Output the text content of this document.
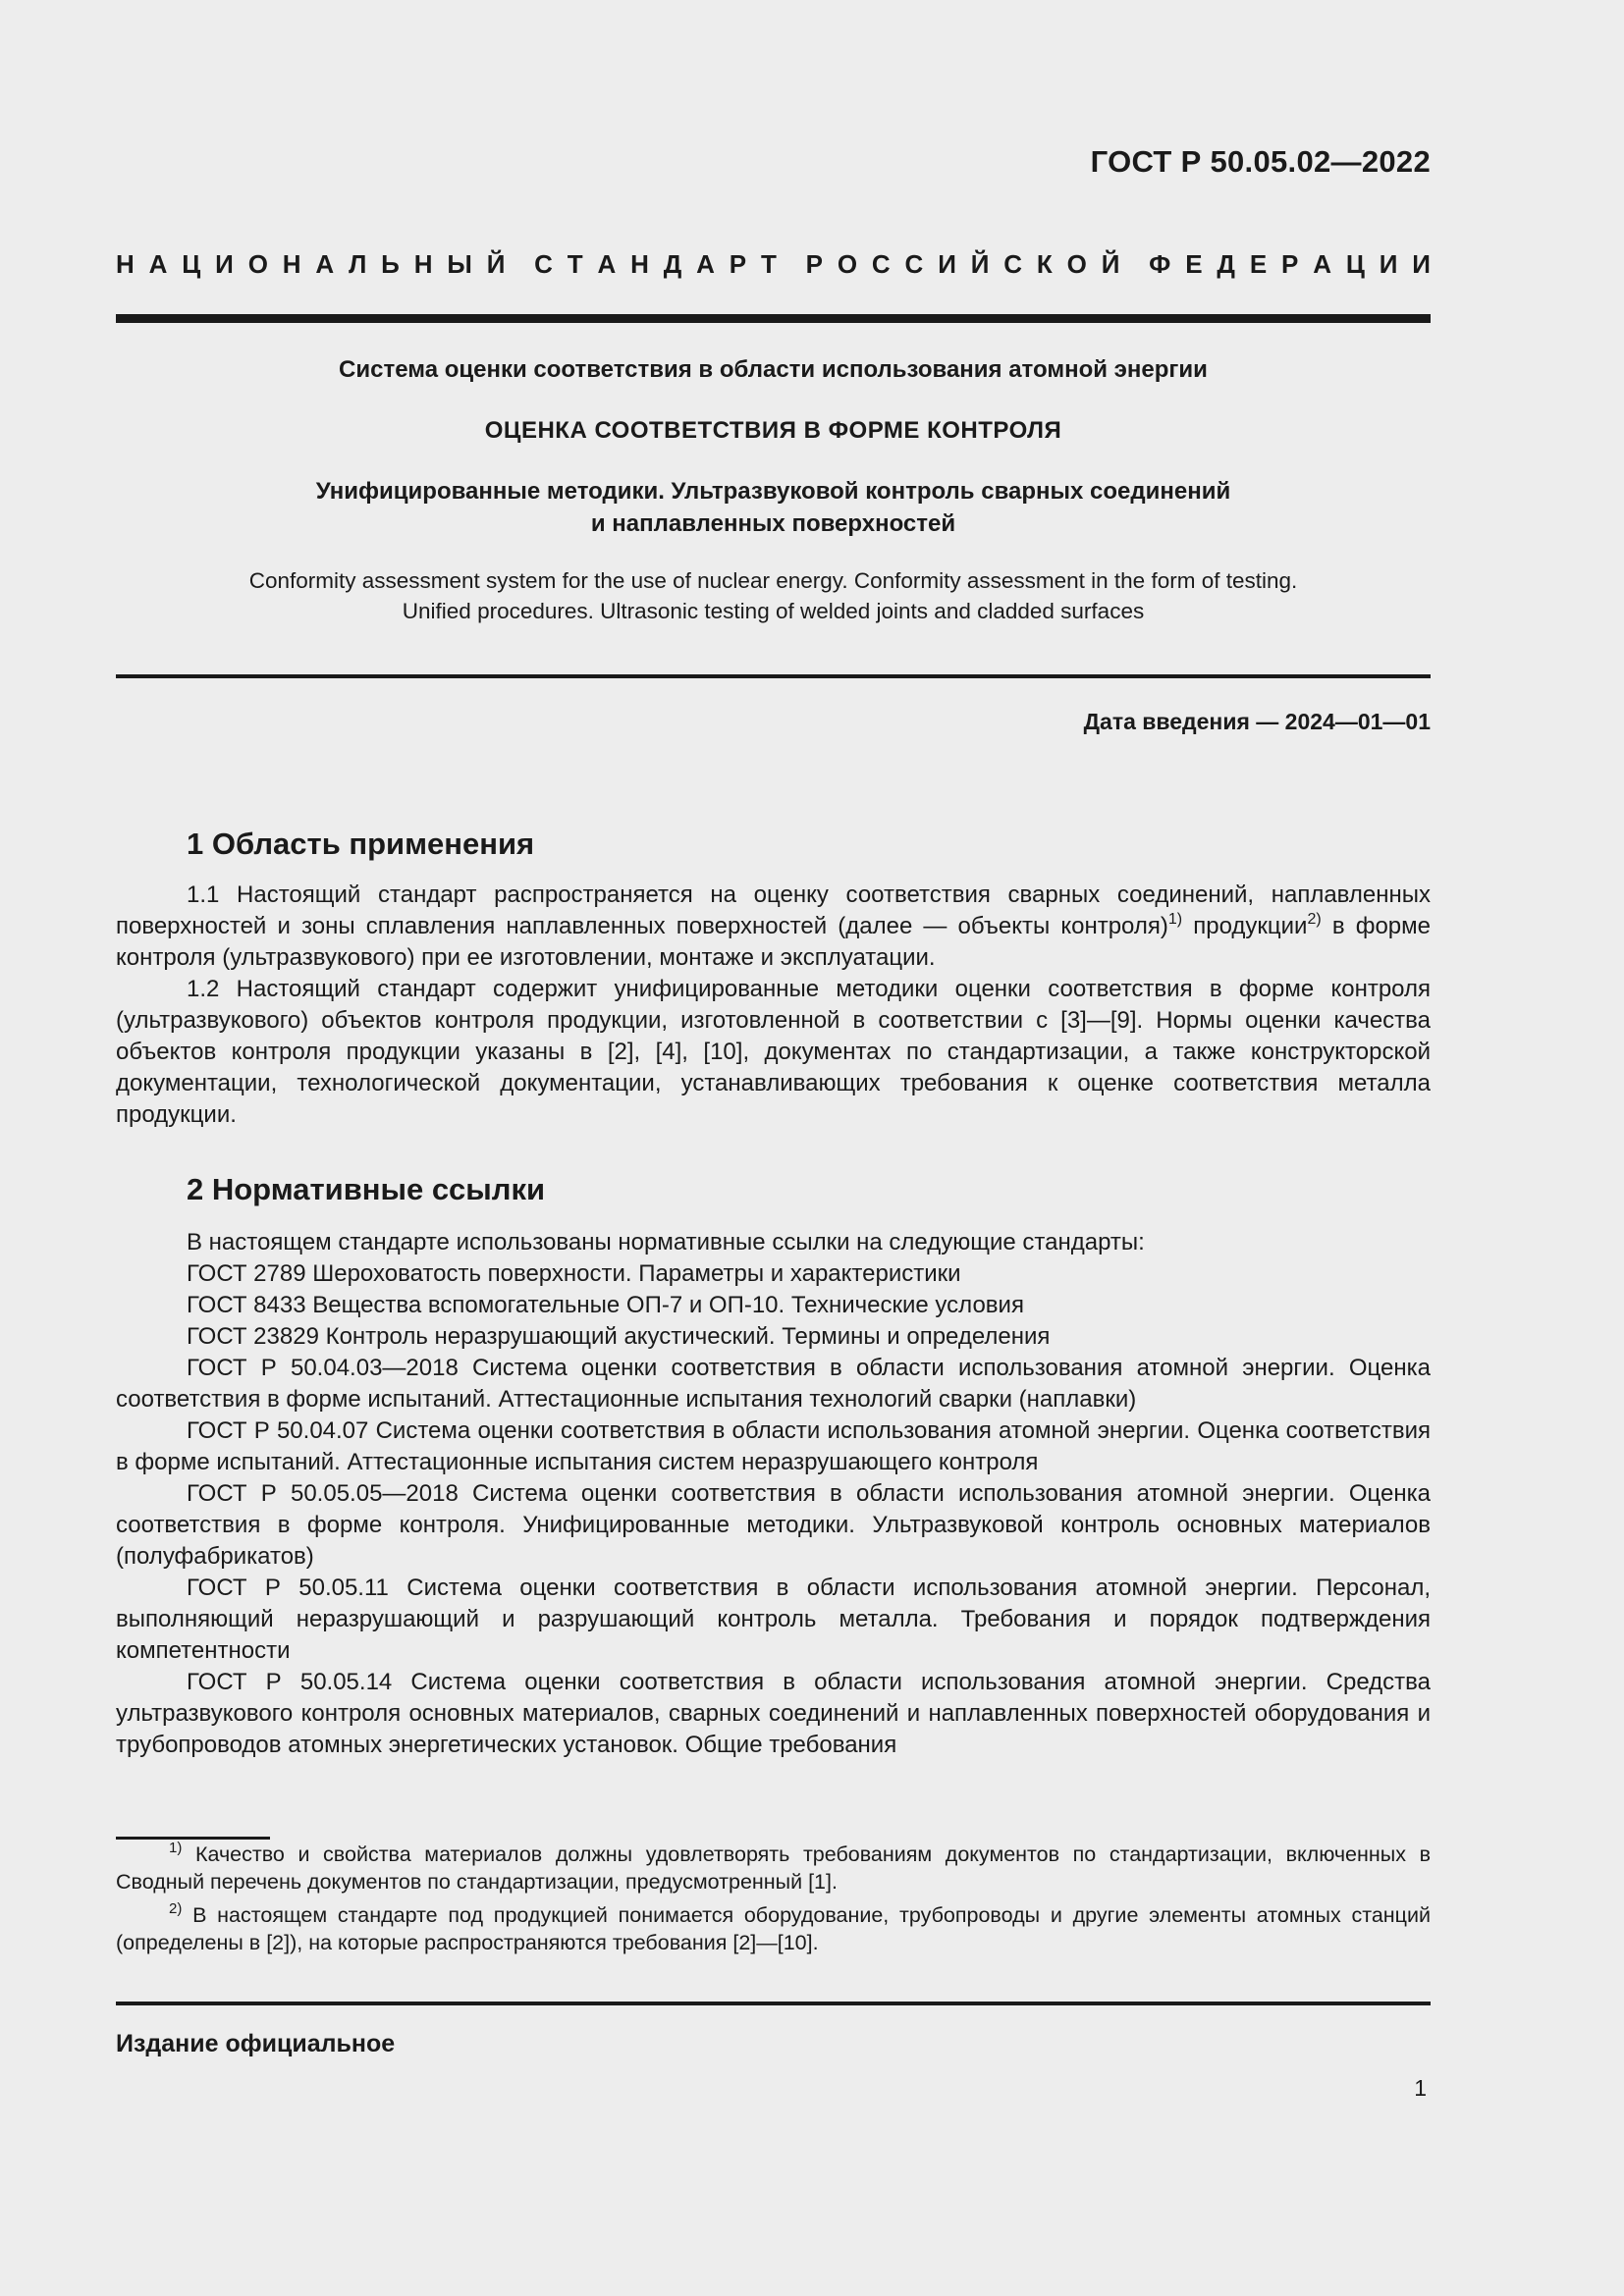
ГОСТ Р 50.05.02—2022
Н А Ц И О Н А Л Ь Н Ы Й С Т А Н Д А Р Т Р О С С И Й С К О Й Ф Е Д Е Р А Ц И И

Система оценки соответствия в области использования атомной энергии

ОЦЕНКА СООТВЕТСТВИЯ В ФОРМЕ КОНТРОЛЯ

Унифицированные методики. Ультразвуковой контроль сварных соединений
и наплавленных поверхностей

Conformity assessment system for the use of nuclear energy. Conformity assessment in the form of testing.
Unified procedures. Ultrasonic testing of welded joints and cladded surfaces

Дата введения — 2024—01—01
1 Область применения

1.1 Настоящий стандарт распространяется на оценку соответствия сварных соединений, наплавленных поверхностей и зоны сплавления наплавленных поверхностей (далее — объекты контроля)$^{1)}$ продукции$^{2)}$ в форме контроля (ультразвукового) при ее изготовлении, монтаже и эксплуатации.

1.2 Настоящий стандарт содержит унифицированные методики оценки соответствия в форме контроля (ультразвукового) объектов контроля продукции, изготовленной в соответствии с [3]—[9]. Нормы оценки качества объектов контроля продукции указаны в [2], [4], [10], документах по стандартизации, а также конструкторской документации, технологической документации, устанавливающих требования к оценке соответствия металла продукции.

2 Нормативные ссылки

В настоящем стандарте использованы нормативные ссылки на следующие стандарты:

ГОСТ 2789 Шероховатость поверхности. Параметры и характеристики

ГОСТ 8433 Вещества вспомогательные ОП-7 и ОП-10. Технические условия

ГОСТ 23829 Контроль неразрушающий акустический. Термины и определения

ГОСТ Р 50.04.03—2018 Система оценки соответствия в области использования атомной энергии. Оценка соответствия в форме испытаний. Аттестационные испытания технологий сварки (наплавки)

ГОСТ Р 50.04.07 Система оценки соответствия в области использования атомной энергии. Оценка соответствия в форме испытаний. Аттестационные испытания систем неразрушающего контроля

ГОСТ Р 50.05.05—2018 Система оценки соответствия в области использования атомной энергии. Оценка соответствия в форме контроля. Унифицированные методики. Ультразвуковой контроль основных материалов (полуфабрикатов)

ГОСТ Р 50.05.11 Система оценки соответствия в области использования атомной энергии. Персонал, выполняющий неразрушающий и разрушающий контроль металла. Требования и порядок подтверждения компетентности

ГОСТ Р 50.05.14 Система оценки соответствия в области использования атомной энергии. Средства ультразвукового контроля основных материалов, сварных соединений и наплавленных поверхностей оборудования и трубопроводов атомных энергетических установок. Общие требования

$^{1)}$ Качество и свойства материалов должны удовлетворять требованиям документов по стандартизации, включенных в Сводный перечень документов по стандартизации, предусмотренный [1].

$^{2)}$ В настоящем стандарте под продукцией понимается оборудование, трубопроводы и другие элементы атомных станций (определены в [2]), на которые распространяются требования [2]—[10].

Издание официальное
1
